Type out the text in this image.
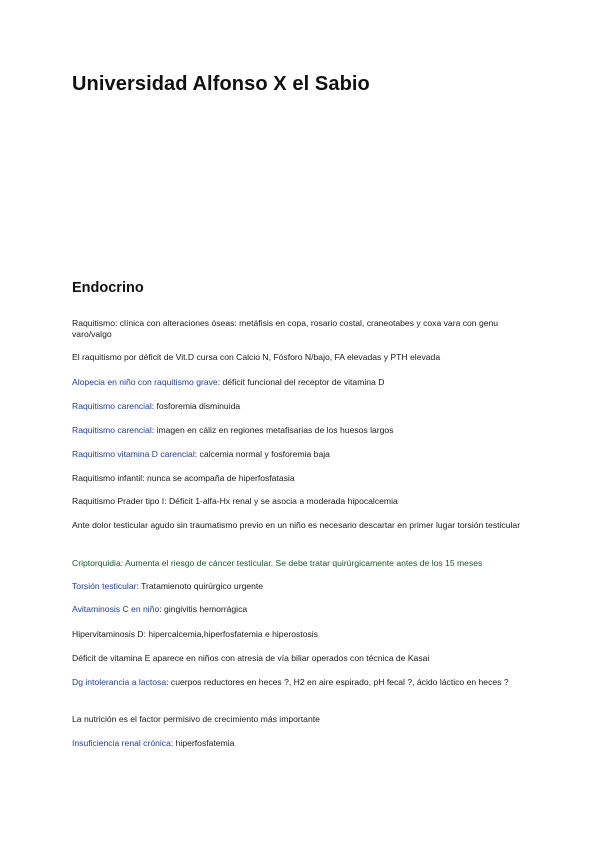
Universidad Alfonso X el Sabio
Endocrino
Raquitismo: clínica con alteraciones óseas: metáfisis en copa, rosario costal, craneotabes y coxa vara con genu varo/valgo
El raquitismo por déficit de Vit.D cursa con Calcio N, Fósforo N/bajo, FA elevadas y PTH elevada
Alopecia en niño con raquitismo grave: déficit funcional del receptor de vitamina D
Raquitismo carencial: fosforemia disminuida
Raquitismo carencial: imagen en cáliz en regiones metafisarias de los huesos largos
Raquitismo vitamina D carencial: calcemia normal y fosforemia baja
Raquitismo infantil: nunca se acompaña de hiperfosfatasia
Raquitismo Prader tipo I: Déficit 1-alfa-Hx renal y se asocia a moderada hipocalcemia
Ante dolor testicular agudo sin traumatismo previo en un niño es necesario descartar en primer lugar torsión testicular
Criptorquidia: Aumenta el riesgo de cáncer testicular. Se debe tratar quirúrgicamente antes de los 15 meses
Torsión testicular: Tratamienoto quirúrgico urgente
Avitaminosis C en niño: gingivitis hemorrágica
Hipervitaminosis D: hipercalcemia,hiperfosfatemia e hiperostosis
Déficit de vitamina E aparece en niños con atresia de vía biliar operados con técnica de Kasai
Dg intolerancia a lactosa: cuerpos reductores en heces ?, H2 en aire espirado, pH fecal ?, ácido láctico en heces ?
La nutrición es el factor permisivo de crecimiento más importante
Insuficiencia renal crónica: hiperfosfatemia
